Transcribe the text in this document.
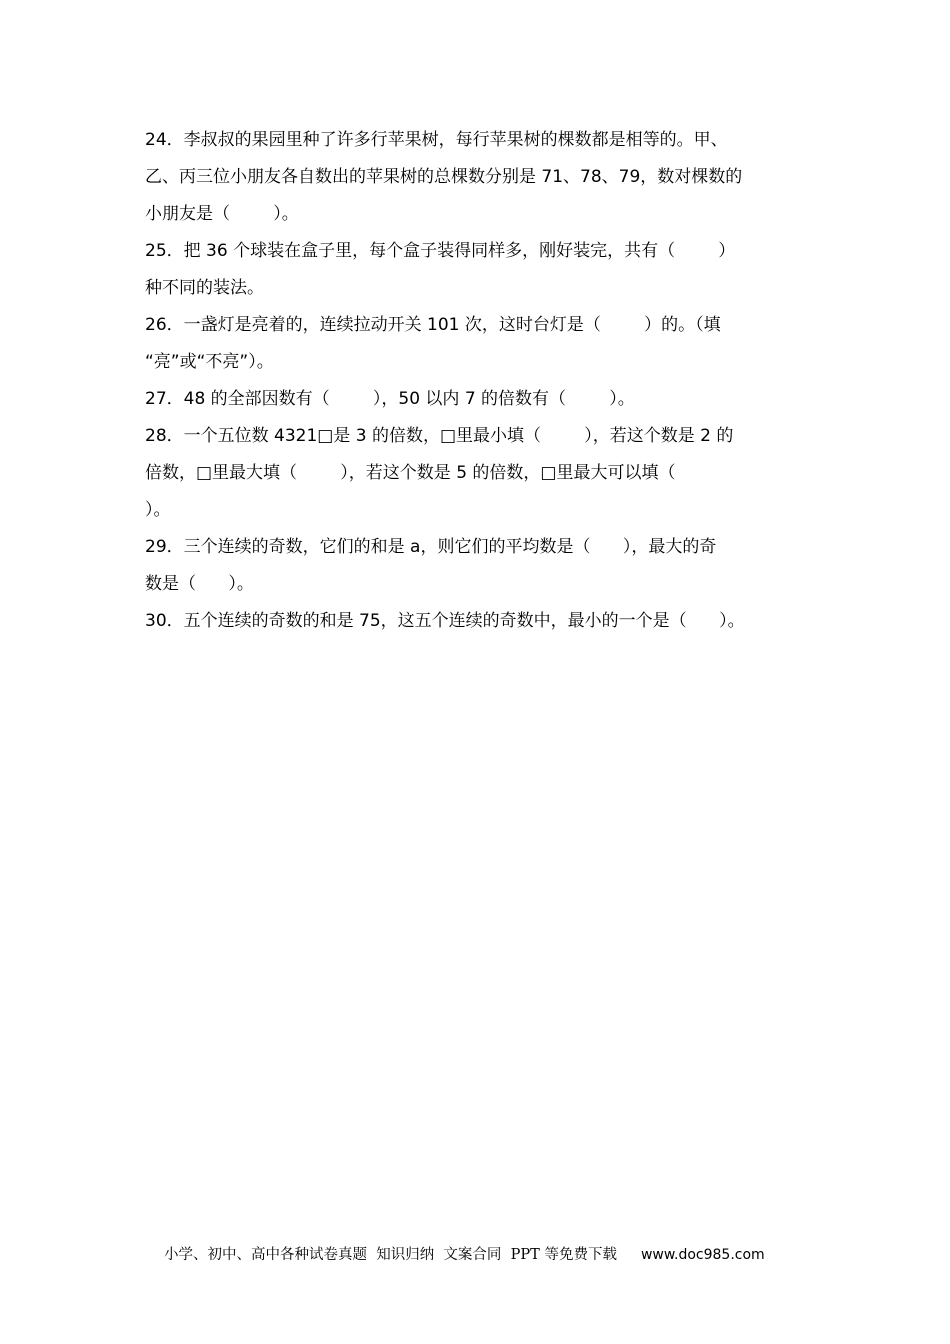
24．李叔叔的果园里种了许多行苹果树，每行苹果树的棵数都是相等的。甲、
乙、丙三位小朋友各自数出的苹果树的总棵数分别是 71、78、79，数对棵数的
小朋友是（        ）。
25．把 36 个球装在盒子里，每个盒子装得同样多，刚好装完，共有（        ）
种不同的装法。
26．一盏灯是亮着的，连续拉动开关 101 次，这时台灯是（        ）的。（填
“亮”或“不亮”）。
27．48 的全部因数有（        ），50 以内 7 的倍数有（        ）。
28．一个五位数 4321□是 3 的倍数，□里最小填（        ），若这个数是 2 的
倍数，□里最大填（        ），若这个数是 5 的倍数，□里最大可以填（
）。
29．三个连续的奇数，它们的和是 a，则它们的平均数是（      ），最大的奇
数是（      ）。
30．五个连续的奇数的和是 75，这五个连续的奇数中，最小的一个是（      ）。
小学、初中、高中各种试卷真题  知识归纳  文案合同  PPT 等免费下载 www.doc985.com
